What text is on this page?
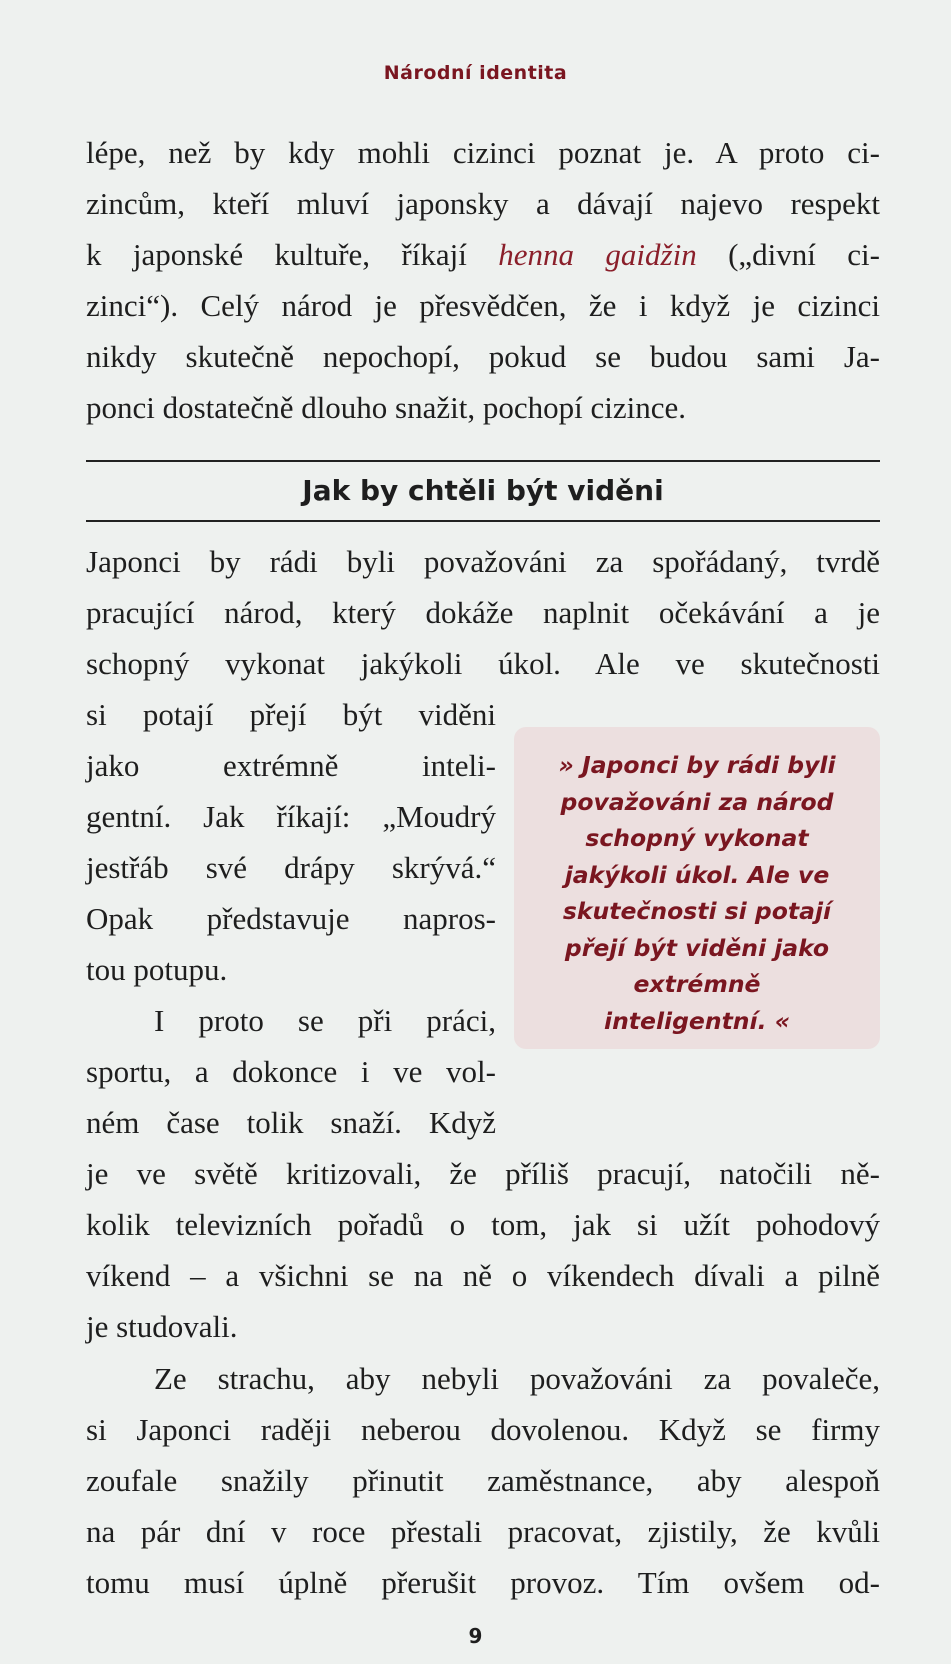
Národní identita

lépe, než by kdy mohli cizinci poznat je. A proto ci-

zincům, kteří mluví japonsky a dávají najevo respekt

k japonské kultuře, říkají henna gaidžin („divní ci-

zinci“). Celý národ je přesvědčen, že i když je cizinci

nikdy skutečně nepochopí, pokud se budou sami Ja-

ponci dostatečně dlouho snažit, pochopí cizince.

Jak by chtěli být viděni

Japonci by rádi byli považováni za spořádaný, tvrdě

pracující národ, který dokáže naplnit očekávání a je

schopný vykonat jakýkoli úkol. Ale ve skutečnosti

si potají přejí být viděni

jako extrémně inteli-

gentní. Jak říkají: „Moudrý

jestřáb své drápy skrývá.“

Opak představuje napros-

tou potupu.

I proto se při práci,

sportu, a dokonce i ve vol-

ném čase tolik snaží. Když

je ve světě kritizovali, že příliš pracují, natočili ně-

kolik televizních pořadů o tom, jak si užít pohodový

víkend – a všichni se na ně o víkendech dívali a pilně

je studovali.

Ze strachu, aby nebyli považováni za povaleče,

si Japonci raději neberou dovolenou. Když se firmy

zoufale snažily přinutit zaměstnance, aby alespoň

na pár dní v roce přestali pracovat, zjistily, že kvůli

tomu musí úplně přerušit provoz. Tím ovšem od-

» Japonci by rádi byli

považováni za národ

schopný vykonat

jakýkoli úkol. Ale ve

skutečnosti si potají

přejí být viděni jako

extrémně

inteligentní. «

9
